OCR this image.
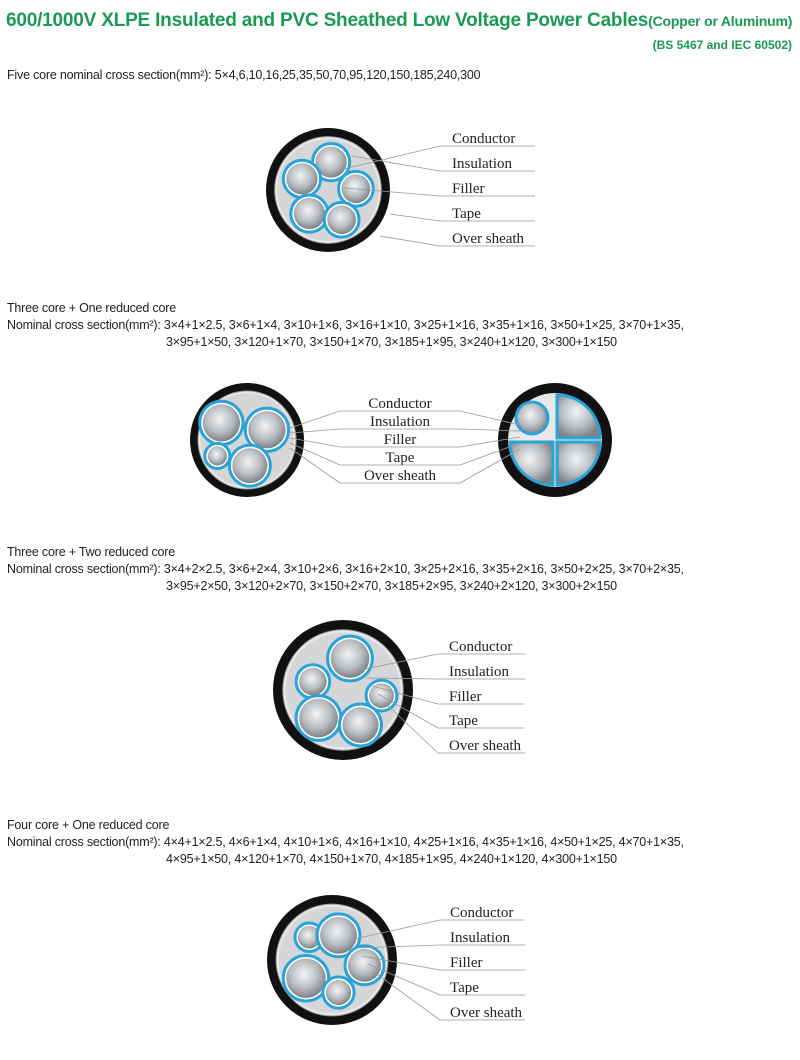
600/1000V XLPE Insulated and PVC Sheathed Low Voltage Power Cables(Copper or Aluminum)
(BS 5467 and IEC 60502)
Five core nominal cross section(mm²): 5×4,6,10,16,25,35,50,70,95,120,150,185,240,300
Three core + One reduced core
Nominal cross section(mm²): 3×4+1×2.5, 3×6+1×4, 3×10+1×6, 3×16+1×10, 3×25+1×16, 3×35+1×16, 3×50+1×25, 3×70+1×35,
3×95+1×50, 3×120+1×70, 3×150+1×70, 3×185+1×95, 3×240+1×120, 3×300+1×150
Three core + Two reduced core
Nominal cross section(mm²): 3×4+2×2.5, 3×6+2×4, 3×10+2×6, 3×16+2×10, 3×25+2×16, 3×35+2×16, 3×50+2×25, 3×70+2×35,
3×95+2×50, 3×120+2×70, 3×150+2×70, 3×185+2×95, 3×240+2×120, 3×300+2×150
Four core + One reduced core
Nominal cross section(mm²): 4×4+1×2.5, 4×6+1×4, 4×10+1×6, 4×16+1×10, 4×25+1×16, 4×35+1×16, 4×50+1×25, 4×70+1×35,
4×95+1×50, 4×120+1×70, 4×150+1×70, 4×185+1×95, 4×240+1×120, 4×300+1×150
Conductor
Insulation
Filler
Tape
Over sheath
Conductor
Insulation
Filler
Tape
Over sheath
Conductor
Insulation
Filler
Tape
Over sheath
Conductor
Insulation
Filler
Tape
Over sheath
